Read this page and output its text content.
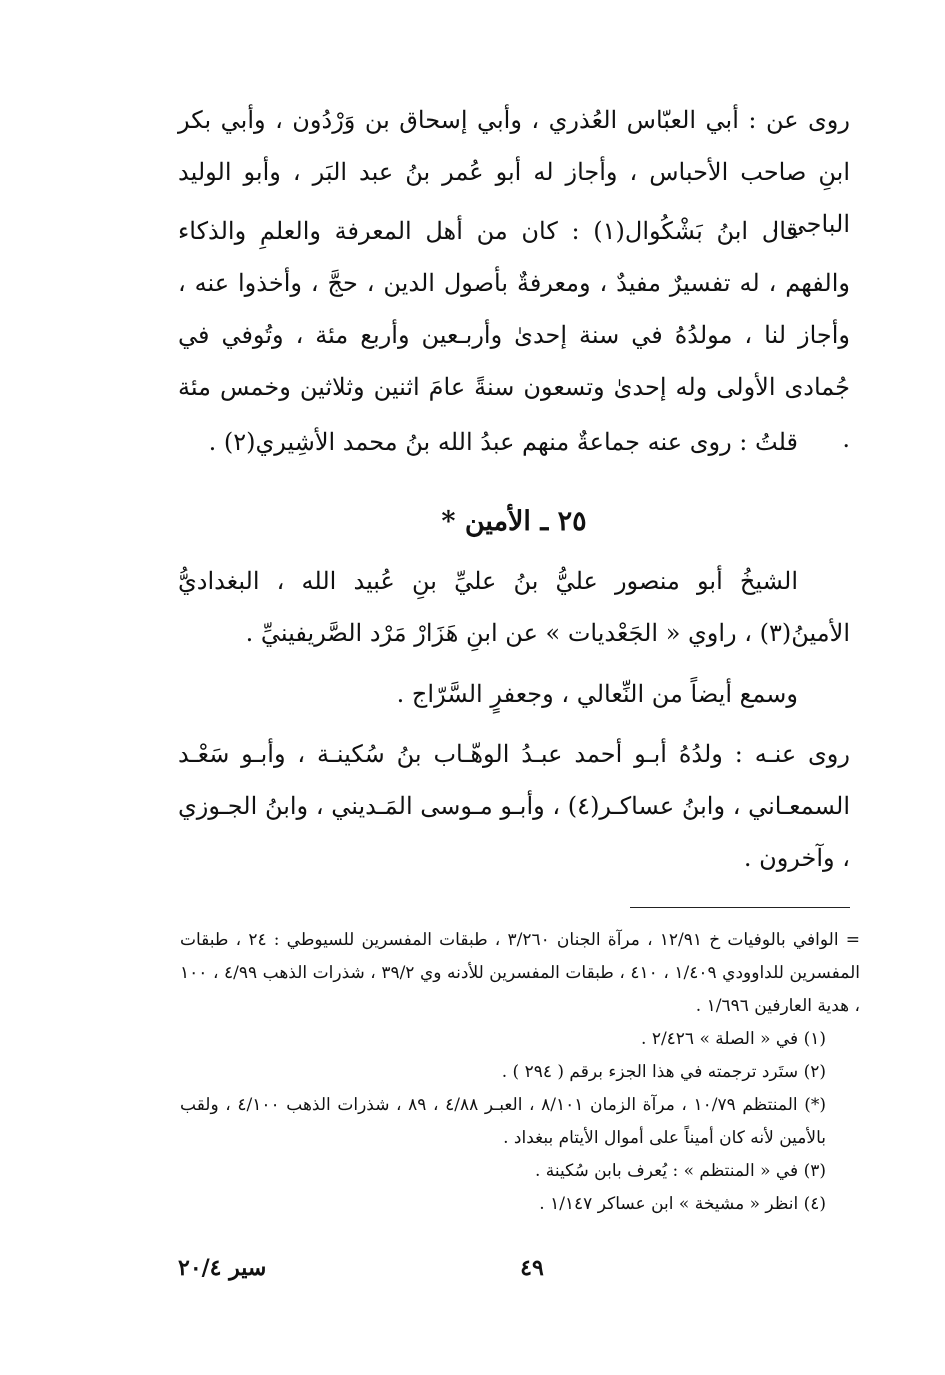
روى عن : أبي العبّاس العُذري ، وأبي إسحاق بن وَرْدُون ، وأبي بكر ابنِ صاحب الأحباس ، وأجاز له أبو عُمر بنُ عبد البَر ، وأبو الوليد الباجي .

قال ابنُ بَشْكُوال(١) : كان من أهل المعرفة والعلمِ والذكاء والفهم ، له تفسيرٌ مفيدٌ ، ومعرفةٌ بأصول الدين ، حجَّ ، وأخذوا عنه ، وأجاز لنا ، مولدُهُ في سنة إحدىٰ وأربـعين وأربع مئة ، وتُوفي في جُمادى الأولى وله إحدىٰ وتسعون سنةً عامَ اثنين وثلاثين وخمس مئة .

قلتُ : روى عنه جماعةٌ منهم عبدُ الله بنُ محمد الأشِيري(٢) .

٢٥ ـ الأمين *

الشيخُ أبو منصور عليُّ بنُ عليِّ بنِ عُبيد الله ، البغداديُّ الأمينُ(٣) ، راوي « الجَعْديات » عن ابنِ هَزَارْ مَرْد الصَّريفينيِّ .

وسمع أيضاً من النِّعالي ، وجعفرٍ السَّرّاج .

روى عنـه : ولدُهُ أبـو أحمد عبـدُ الوهّـاب بنُ سُكينـة ، وأبـو سَعْـد السمعـاني ، وابنُ عساكـر(٤) ، وأبـو مـوسى المَـديني ، وابنُ الجـوزي ، وآخرون .

= الوافي بالوفيات خ ١٢/٩١ ، مرآة الجنان ٣/٢٦٠ ، طبقات المفسرين للسيوطي : ٢٤ ، طبقات المفسرين للداوودي ١/٤٠٩ ، ٤١٠ ، طبقات المفسرين للأدنه وي ٣٩/٢ ، شذرات الذهب ٤/٩٩ ، ١٠٠ ، هدية العارفين ١/٦٩٦ .

(١) في « الصلة » ٢/٤٢٦ .

(٢) ستَرد ترجمته في هذا الجزء برقم ( ٢٩٤ ) .

(*) المنتظم ١٠/٧٩ ، مرآة الزمان ٨/١٠١ ، العبـر ٤/٨٨ ، ٨٩ ، شذرات الذهب ٤/١٠٠ ، ولقب بالأمين لأنه كان أميناً على أموال الأيتام ببغداد .

(٣) في « المنتظم » : يُعرف بابن سُكينة .

(٤) انظر « مشيخة » ابن عساكر ١/١٤٧ .

٤٩
سير ٢٠/٤
